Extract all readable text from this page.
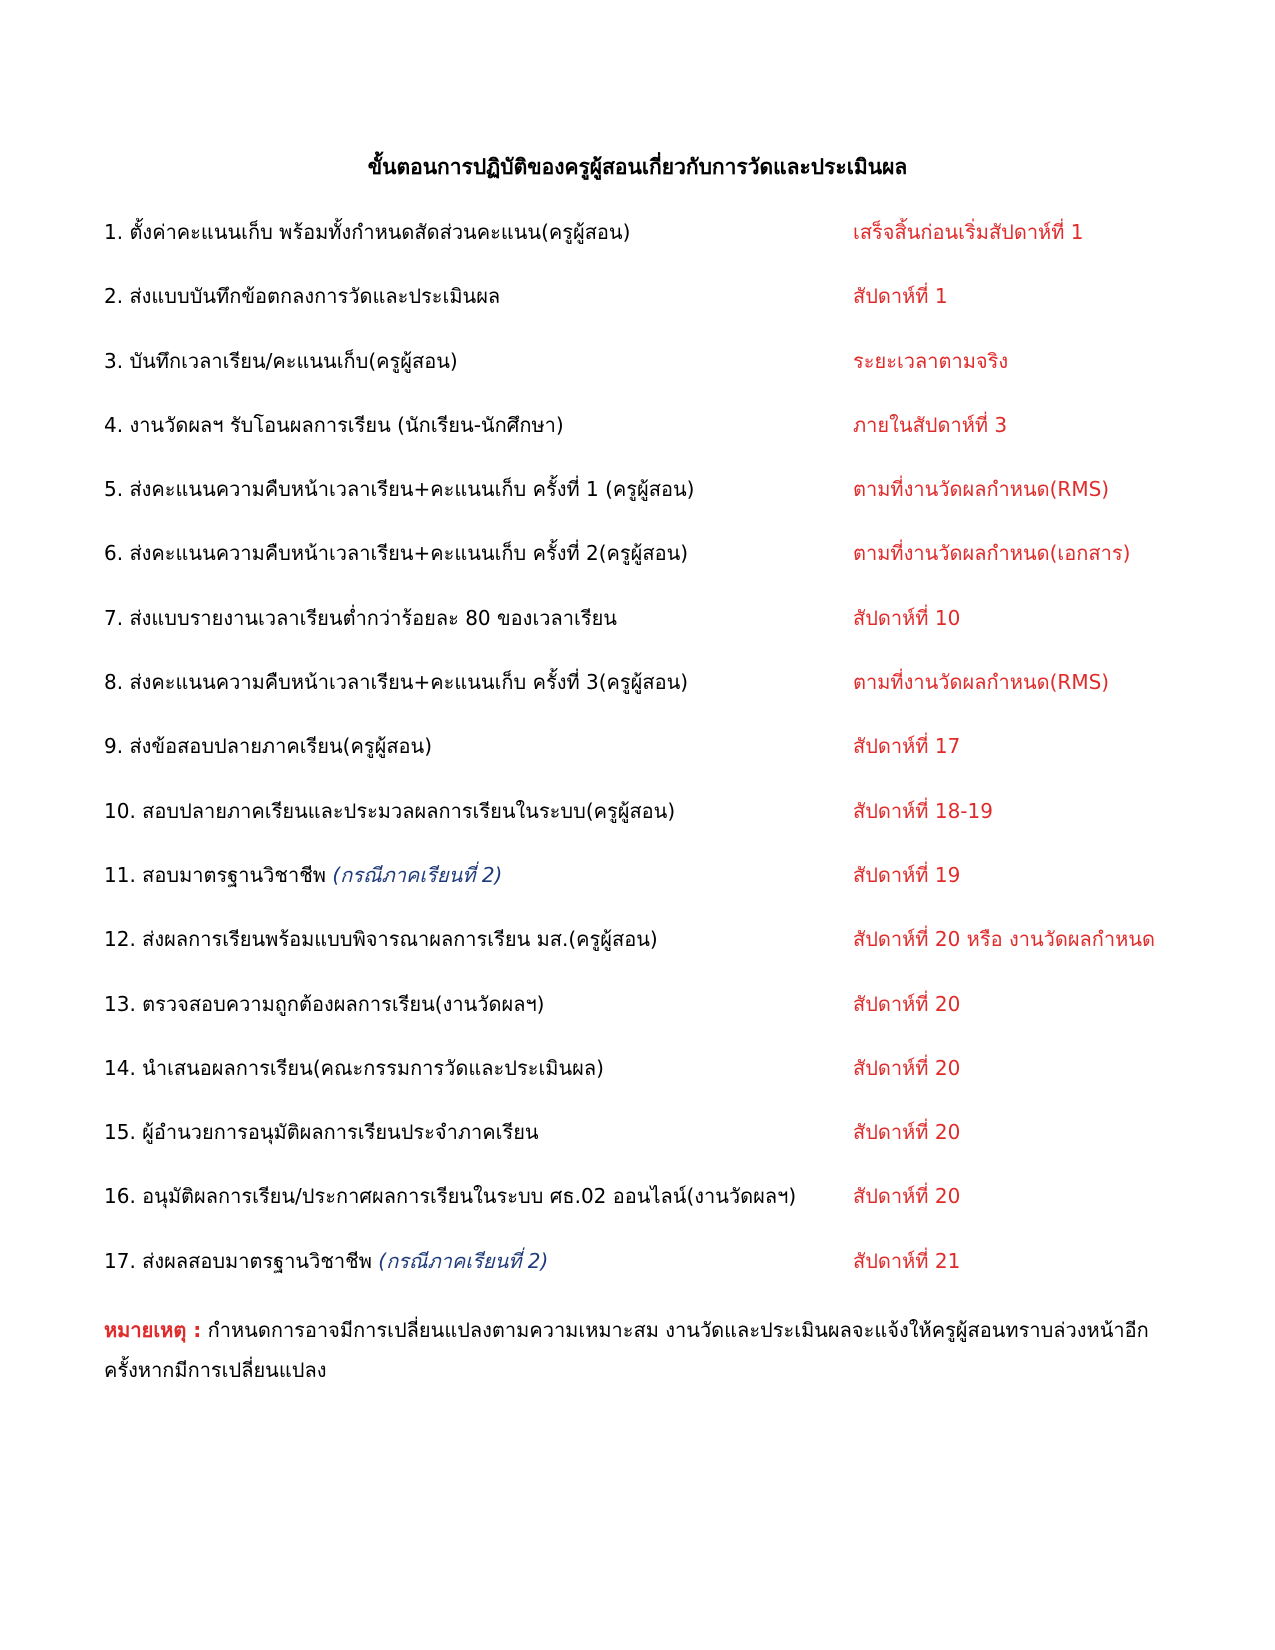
ขั้นตอนการปฏิบัติของครูผู้สอนเกี่ยวกับการวัดและประเมินผล
1. ตั้งค่าคะแนนเก็บ พร้อมทั้งกำหนดสัดส่วนคะแนน(ครูผู้สอน)	เสร็จสิ้นก่อนเริ่มสัปดาห์ที่ 1
2. ส่งแบบบันทึกข้อตกลงการวัดและประเมินผล	สัปดาห์ที่ 1
3. บันทึกเวลาเรียน/คะแนนเก็บ(ครูผู้สอน)	ระยะเวลาตามจริง
4. งานวัดผลฯ รับโอนผลการเรียน (นักเรียน-นักศึกษา)	ภายในสัปดาห์ที่ 3
5. ส่งคะแนนความคืบหน้าเวลาเรียน+คะแนนเก็บ ครั้งที่ 1 (ครูผู้สอน)	ตามที่งานวัดผลกำหนด(RMS)
6. ส่งคะแนนความคืบหน้าเวลาเรียน+คะแนนเก็บ ครั้งที่ 2(ครูผู้สอน)	ตามที่งานวัดผลกำหนด(เอกสาร)
7. ส่งแบบรายงานเวลาเรียนต่ำกว่าร้อยละ 80 ของเวลาเรียน	สัปดาห์ที่ 10
8. ส่งคะแนนความคืบหน้าเวลาเรียน+คะแนนเก็บ ครั้งที่ 3(ครูผู้สอน)	ตามที่งานวัดผลกำหนด(RMS)
9. ส่งข้อสอบปลายภาคเรียน(ครูผู้สอน)	สัปดาห์ที่ 17
10. สอบปลายภาคเรียนและประมวลผลการเรียนในระบบ(ครูผู้สอน)	สัปดาห์ที่ 18-19
11. สอบมาตรฐานวิชาชีพ (กรณีภาคเรียนที่ 2)	สัปดาห์ที่ 19
12. ส่งผลการเรียนพร้อมแบบพิจารณาผลการเรียน มส.(ครูผู้สอน)	สัปดาห์ที่ 20 หรือ งานวัดผลกำหนด
13. ตรวจสอบความถูกต้องผลการเรียน(งานวัดผลฯ)	สัปดาห์ที่ 20
14. นำเสนอผลการเรียน(คณะกรรมการวัดและประเมินผล)	สัปดาห์ที่ 20
15. ผู้อำนวยการอนุมัติผลการเรียนประจำภาคเรียน	สัปดาห์ที่ 20
16. อนุมัติผลการเรียน/ประกาศผลการเรียนในระบบ ศธ.02 ออนไลน์(งานวัดผลฯ)	สัปดาห์ที่ 20
17. ส่งผลสอบมาตรฐานวิชาชีพ (กรณีภาคเรียนที่ 2)	สัปดาห์ที่ 21
หมายเหตุ : กำหนดการอาจมีการเปลี่ยนแปลงตามความเหมาะสม งานวัดและประเมินผลจะแจ้งให้ครูผู้สอนทราบล่วงหน้าอีกครั้งหากมีการเปลี่ยนแปลง
